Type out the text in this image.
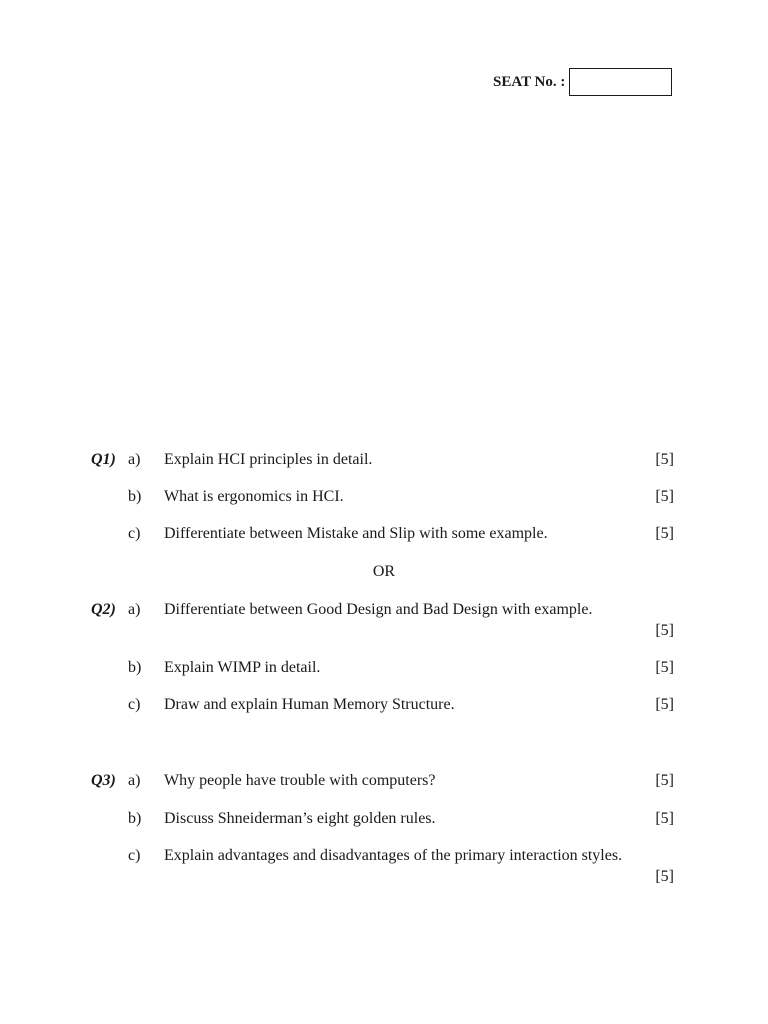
SEAT No. :
Q1) a) Explain HCI principles in detail.	[5]
b) What is ergonomics in HCI.	[5]
c) Differentiate between Mistake and Slip with some example.	[5]
OR
Q2) a) Differentiate between Good Design and Bad Design with example.
[5]
b) Explain WIMP in detail.	[5]
c) Draw and explain Human Memory Structure.	[5]
Q3) a) Why people have trouble with computers?	[5]
b) Discuss Shneiderman’s eight golden rules.	[5]
c) Explain advantages and disadvantages of the primary interaction styles.
[5]
